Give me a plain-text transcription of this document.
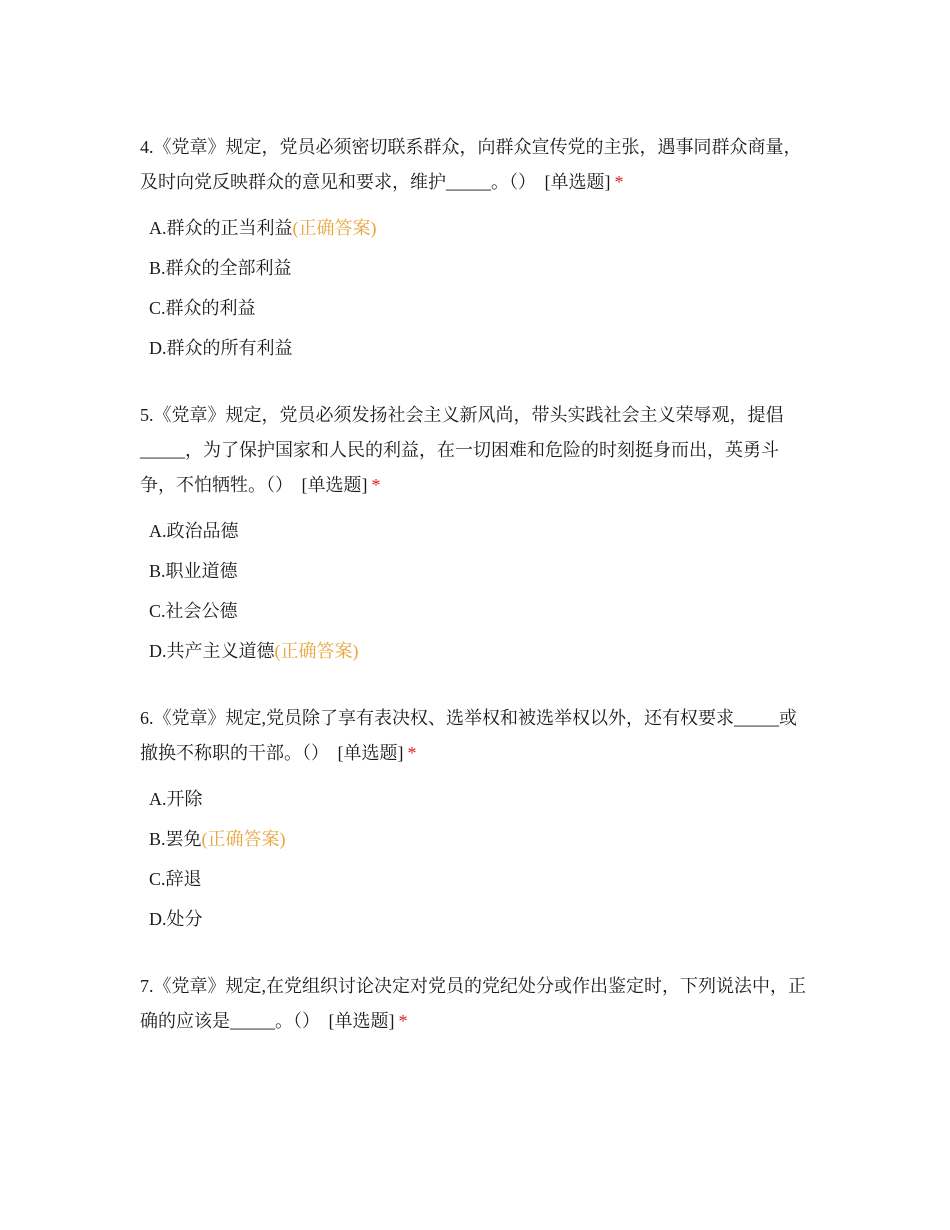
4.《党章》规定，党员必须密切联系群众，向群众宣传党的主张，遇事同群众商量，及时向党反映群众的意见和要求，维护_____。（） [单选题] *

A.群众的正当利益(正确答案)
B.群众的全部利益
C.群众的利益
D.群众的所有利益

5.《党章》规定，党员必须发扬社会主义新风尚，带头实践社会主义荣辱观，提倡_____，为了保护国家和人民的利益，在一切困难和危险的时刻挺身而出，英勇斗争，不怕牺牲。（） [单选题] *

A.政治品德
B.职业道德
C.社会公德
D.共产主义道德(正确答案)

6.《党章》规定,党员除了享有表决权、选举权和被选举权以外，还有权要求_____或撤换不称职的干部。（） [单选题] *

A.开除
B.罢免(正确答案)
C.辞退
D.处分

7.《党章》规定,在党组织讨论决定对党员的党纪处分或作出鉴定时，下列说法中，正确的应该是_____。（） [单选题] *
